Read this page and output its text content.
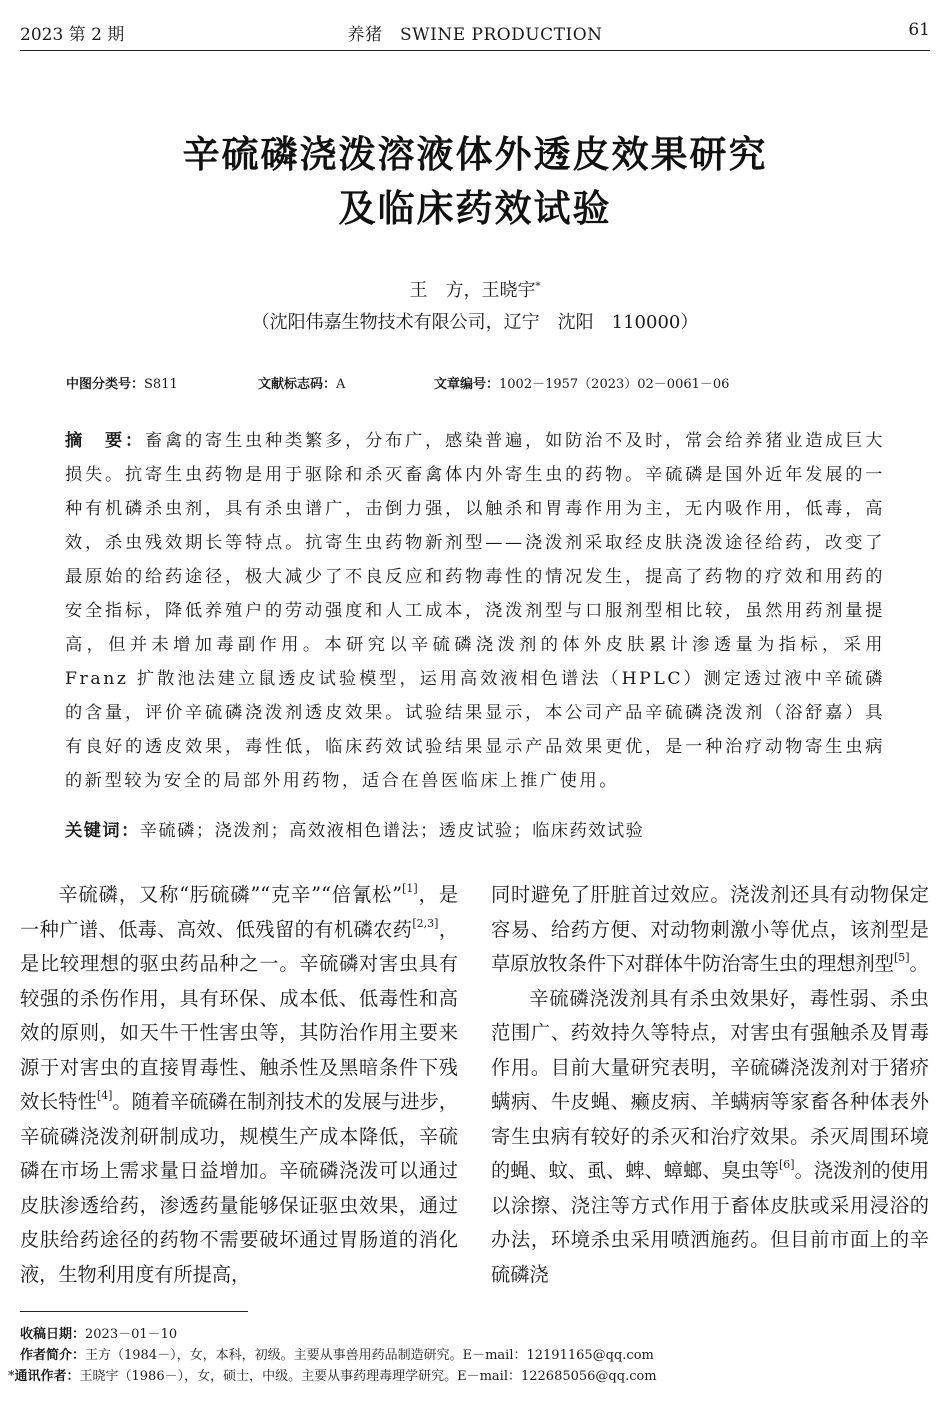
2023 第 2 期	养猪　SWINE PRODUCTION	61
辛硫磷浇泼溶液体外透皮效果研究
及临床药效试验
王　方，王晓宇*
（沈阳伟嘉生物技术有限公司，辽宁　沈阳　110000）
中图分类号：S811	文献标志码：A	文章编号：1002－1957（2023）02－0061－06
摘　要：畜禽的寄生虫种类繁多，分布广，感染普遍，如防治不及时，常会给养猪业造成巨大损失。抗寄生虫药物是用于驱除和杀灭畜禽体内外寄生虫的药物。辛硫磷是国外近年发展的一种有机磷杀虫剂，具有杀虫谱广，击倒力强，以触杀和胃毒作用为主，无内吸作用，低毒，高效，杀虫残效期长等特点。抗寄生虫药物新剂型——浇泼剂采取经皮肤浇泼途径给药，改变了最原始的给药途径，极大减少了不良反应和药物毒性的情况发生，提高了药物的疗效和用药的安全指标，降低养殖户的劳动强度和人工成本，浇泼剂型与口服剂型相比较，虽然用药剂量提高，但并未增加毒副作用。本研究以辛硫磷浇泼剂的体外皮肤累计渗透量为指标，采用 Franz 扩散池法建立鼠透皮试验模型，运用高效液相色谱法（HPLC）测定透过液中辛硫磷的含量，评价辛硫磷浇泼剂透皮效果。试验结果显示，本公司产品辛硫磷浇泼剂（浴舒嘉）具有良好的透皮效果，毒性低，临床药效试验结果显示产品效果更优，是一种治疗动物寄生虫病的新型较为安全的局部外用药物，适合在兽医临床上推广使用。
关键词：辛硫磷；浇泼剂；高效液相色谱法；透皮试验；临床药效试验

辛硫磷，又称“肟硫磷”“克辛”“倍氰松”[1]，是一种广谱、低毒、高效、低残留的有机磷农药[2,3]，是比较理想的驱虫药品种之一。辛硫磷对害虫具有较强的杀伤作用，具有环保、成本低、低毒性和高效的原则，如天牛干性害虫等，其防治作用主要来源于对害虫的直接胃毒性、触杀性及黑暗条件下残效长特性[4]。随着辛硫磷在制剂技术的发展与进步，辛硫磷浇泼剂研制成功，规模生产成本降低，辛硫磷在市场上需求量日益增加。辛硫磷浇泼可以通过皮肤渗透给药，渗透药量能够保证驱虫效果，通过皮肤给药途径的药物不需要破坏通过胃肠道的消化液，生物利用度有所提高，

同时避免了肝脏首过效应。浇泼剂还具有动物保定容易、给药方便、对动物刺激小等优点，该剂型是草原放牧条件下对群体牛防治寄生虫的理想剂型[5]。

辛硫磷浇泼剂具有杀虫效果好，毒性弱、杀虫范围广、药效持久等特点，对害虫有强触杀及胃毒作用。目前大量研究表明，辛硫磷浇泼剂对于猪疥螨病、牛皮蝇、癞皮病、羊螨病等家畜各种体表外寄生虫病有较好的杀灭和治疗效果。杀灭周围环境的蝇、蚊、虱、蜱、蟑螂、臭虫等[6]。浇泼剂的使用以涂擦、浇注等方式作用于畜体皮肤或采用浸浴的办法，环境杀虫采用喷洒施药。但目前市面上的辛硫磷浇

收稿日期：2023－01－10
作者简介：王方（1984－），女，本科，初级。主要从事兽用药品制造研究。E－mail：12191165@qq.com
*通讯作者：王晓宇（1986－），女，硕士，中级。主要从事药理毒理学研究。E－mail：122685056@qq.com
